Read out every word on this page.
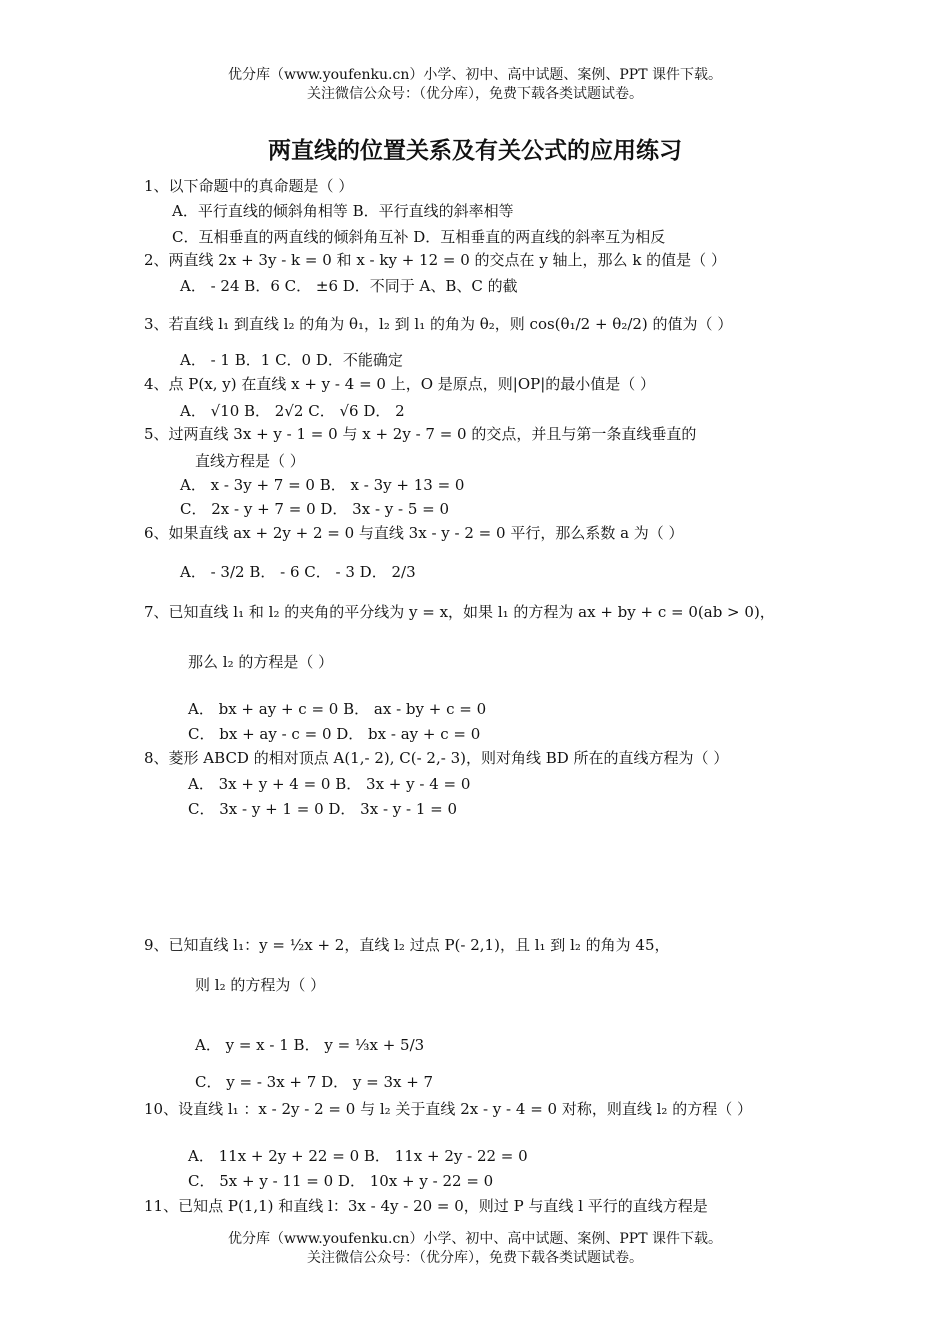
优分库（www.youfenku.cn）小学、初中、高中试题、案例、PPT 课件下载。
关注微信公众号：（优分库），免费下载各类试题试卷。
两直线的位置关系及有关公式的应用练习
1、以下命题中的真命题是（ ）
A．平行直线的倾斜角相等 B．平行直线的斜率相等
C．互相垂直的两直线的倾斜角互补 D．互相垂直的两直线的斜率互为相反
2、两直线 2x + 3y - k = 0 和 x - ky + 12 = 0 的交点在 y 轴上，那么 k 的值是（ ）
A． - 24 B．6 C． ±6 D．不同于 A、B、C 的截
3、若直线 l₁ 到直线 l₂ 的角为 θ₁，l₂ 到 l₁ 的角为 θ₂，则 cos(θ₁/2 + θ₂/2) 的值为（ ）
A． - 1 B．1 C．0 D．不能确定
4、点 P(x, y) 在直线 x + y - 4 = 0 上，O 是原点，则|OP|的最小值是（ ）
A． √10 B． 2√2 C． √6 D． 2
5、过两直线 3x + y - 1 = 0 与 x + 2y - 7 = 0 的交点，并且与第一条直线垂直的
直线方程是（ ）
A． x - 3y + 7 = 0 B． x - 3y + 13 = 0
C． 2x - y + 7 = 0 D． 3x - y - 5 = 0
6、如果直线 ax + 2y + 2 = 0 与直线 3x - y - 2 = 0 平行，那么系数 a 为（ ）
A． - 3/2 B． - 6 C． - 3 D． 2/3
7、已知直线 l₁ 和 l₂ 的夹角的平分线为 y = x，如果 l₁ 的方程为 ax + by + c = 0(ab > 0)，
那么 l₂ 的方程是（ ）
A． bx + ay + c = 0 B． ax - by + c = 0
C． bx + ay - c = 0 D． bx - ay + c = 0
8、菱形 ABCD 的相对顶点 A(1,- 2), C(- 2,- 3)，则对角线 BD 所在的直线方程为（ ）
A． 3x + y + 4 = 0 B． 3x + y - 4 = 0
C． 3x - y + 1 = 0 D． 3x - y - 1 = 0
9、已知直线 l₁：y = ½x + 2，直线 l₂ 过点 P(- 2,1)，且 l₁ 到 l₂ 的角为 45，
则 l₂ 的方程为（ ）
A． y = x - 1 B． y = ⅓x + 5/3
C． y = - 3x + 7 D． y = 3x + 7
10、设直线 l₁ ：x - 2y - 2 = 0 与 l₂ 关于直线 2x - y - 4 = 0 对称，则直线 l₂ 的方程（ ）
A． 11x + 2y + 22 = 0 B． 11x + 2y - 22 = 0
C． 5x + y - 11 = 0 D． 10x + y - 22 = 0
11、已知点 P(1,1) 和直线 l：3x - 4y - 20 = 0，则过 P 与直线 l 平行的直线方程是
优分库（www.youfenku.cn）小学、初中、高中试题、案例、PPT 课件下载。
关注微信公众号：（优分库），免费下载各类试题试卷。
